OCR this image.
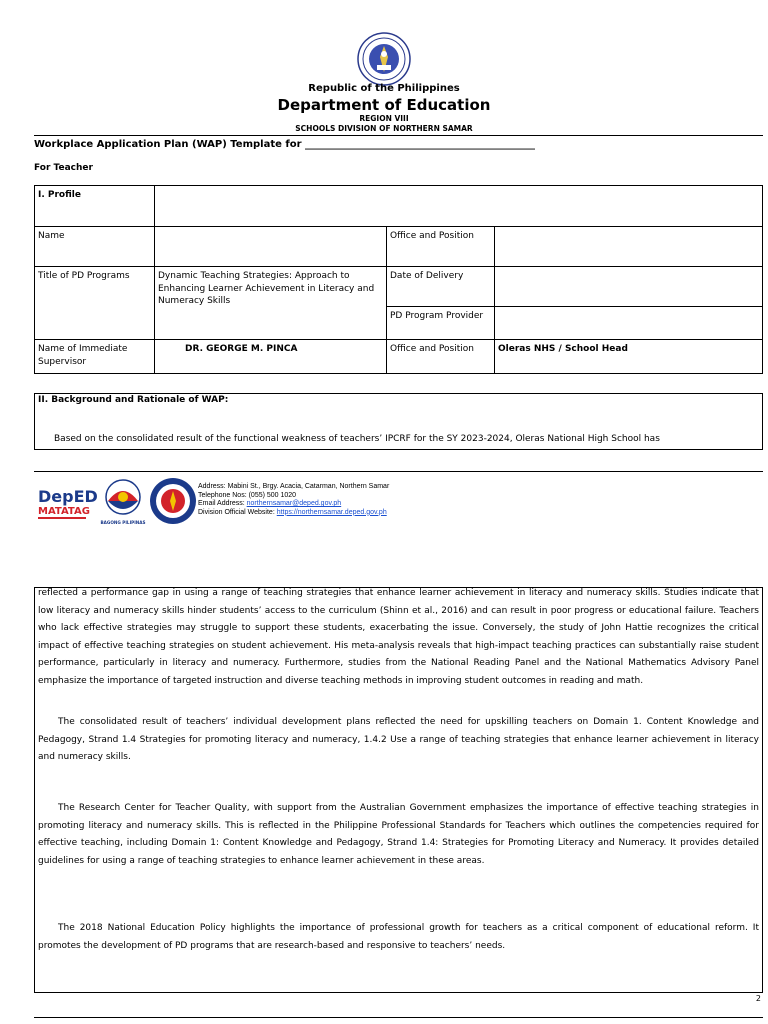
Republic of the Philippines
Department of Education
REGION VIII
SCHOOLS DIVISION OF NORTHERN SAMAR
Workplace Application Plan (WAP) Template for ______________________________________________
For Teacher
I. Profile			
Name		Office and Position	
Title of PD Programs	Dynamic Teaching Strategies: Approach to Enhancing Learner Achievement in Literacy and Numeracy Skills	Date of Delivery	
		PD Program Provider	
Name of Immediate Supervisor	DR. GEORGE M. PINCA	Office and Position	Oleras NHS / School Head
II. Background and Rationale of WAP:
Based on the consolidated result of the functional weakness of teachers’ IPCRF for the SY 2023-2024, Oleras National High School has
DepED
MATATAG
BAGONG PILIPINAS
Address: Mabini St., Brgy. Acacia, Catarman, Northern Samar
Telephone Nos: (055) 500 1020
Email Address: northernsamar@deped.gov.ph
Division Official Website: https://northernsamar.deped.gov.ph
reflected a performance gap in using a range of teaching strategies that enhance learner achievement in literacy and numeracy skills. Studies indicate that low literacy and numeracy skills hinder students’ access to the curriculum (Shinn et al., 2016) and can result in poor progress or educational failure. Teachers who lack effective strategies may struggle to support these students, exacerbating the issue. Conversely, the study of John Hattie recognizes the critical impact of effective teaching strategies on student achievement. His meta-analysis reveals that high-impact teaching practices can substantially raise student performance, particularly in literacy and numeracy. Furthermore, studies from the National Reading Panel and the National Mathematics Advisory Panel emphasize the importance of targeted instruction and diverse teaching methods in improving student outcomes in reading and math.
The consolidated result of teachers’ individual development plans reflected the need for upskilling teachers on Domain 1. Content Knowledge and Pedagogy, Strand 1.4 Strategies for promoting literacy and numeracy, 1.4.2 Use a range of teaching strategies that enhance learner achievement in literacy and numeracy skills.
The Research Center for Teacher Quality, with support from the Australian Government emphasizes the importance of effective teaching strategies in promoting literacy and numeracy skills. This is reflected in the Philippine Professional Standards for Teachers which outlines the competencies required for effective teaching, including Domain 1: Content Knowledge and Pedagogy, Strand 1.4: Strategies for Promoting Literacy and Numeracy. It provides detailed guidelines for using a range of teaching strategies to enhance learner achievement in these areas.
The 2018 National Education Policy highlights the importance of professional growth for teachers as a critical component of educational reform. It promotes the development of PD programs that are research-based and responsive to teachers’ needs.
2
